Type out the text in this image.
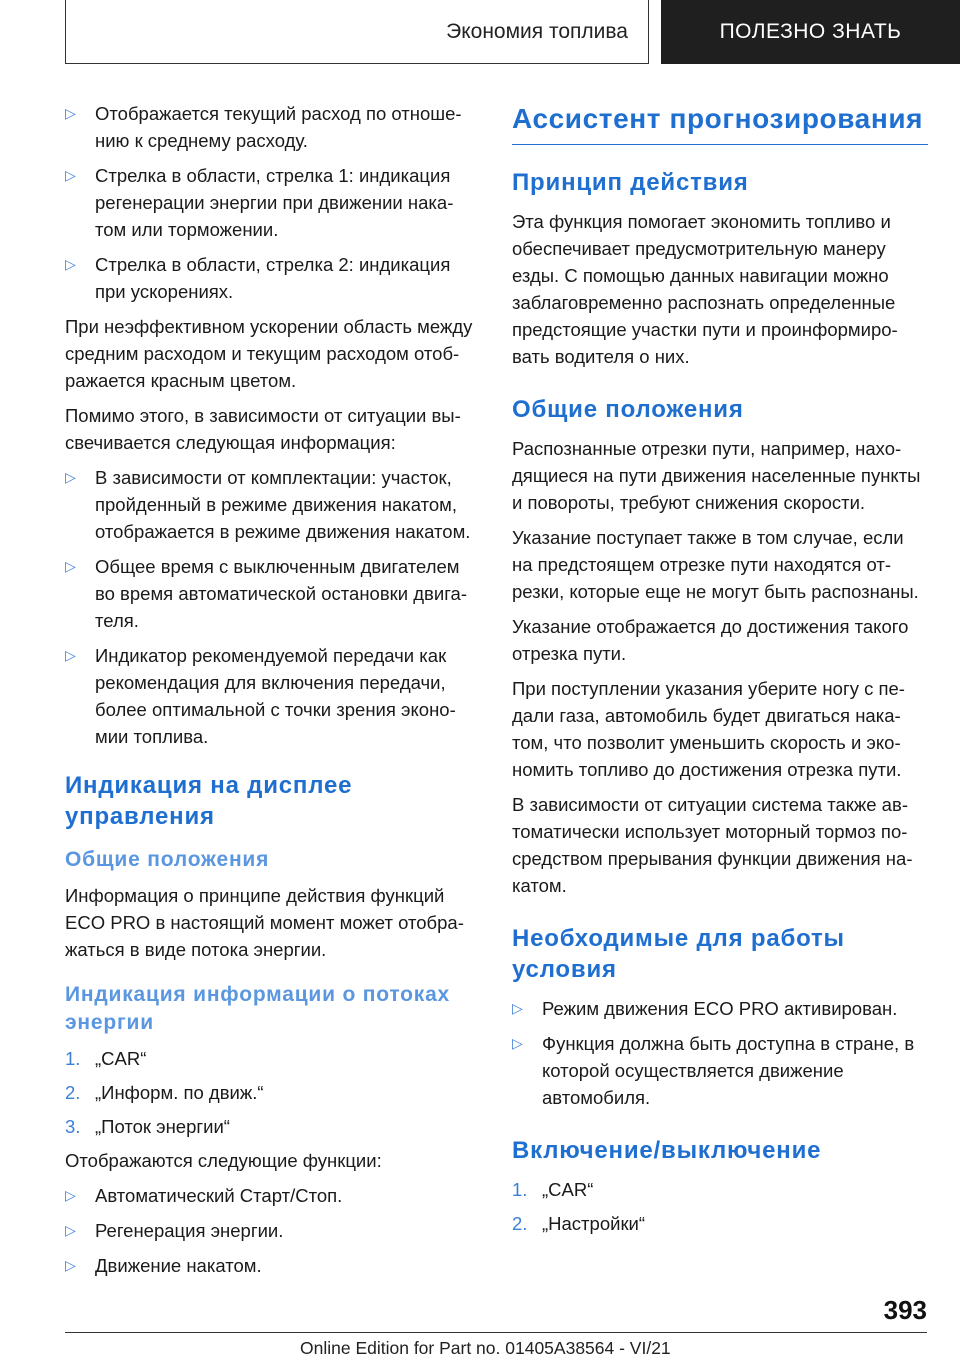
Экономия топлива	ПОЛЕЗНО ЗНАТЬ
▷ Отображается текущий расход по отношению к среднему расходу.
▷ Стрелка в области, стрелка 1: индикация регенерации энергии при движении накатом или торможении.
▷ Стрелка в области, стрелка 2: индикация при ускорениях.

При неэффективном ускорении область между средним расходом и текущим расходом отображается красным цветом.

Помимо этого, в зависимости от ситуации высвечивается следующая информация:

▷ В зависимости от комплектации: участок, пройденный в режиме движения накатом, отображается в режиме движения накатом.
▷ Общее время с выключенным двигателем во время автоматической остановки двигателя.
▷ Индикатор рекомендуемой передачи как рекомендация для включения передачи, более оптимальной с точки зрения экономии топлива.
Индикация на дисплее управления
Общие положения

Информация о принципе действия функций ECO PRO в настоящий момент может отображаться в виде потока энергии.

Индикация информации о потоках энергии
1. „CAR“
2. „Информ. по движ.“
3. „Поток энергии“

Отображаются следующие функции:

▷ Автоматический Старт/Стоп.
▷ Регенерация энергии.
▷ Движение накатом.
Ассистент прогнозирования
Принцип действия

Эта функция помогает экономить топливо и обеспечивает предусмотрительную манеру езды. С помощью данных навигации можно заблаговременно распознать определенные предстоящие участки пути и проинформировать водителя о них.

Общие положения

Распознанные отрезки пути, например, находящиеся на пути движения населенные пункты и повороты, требуют снижения скорости.

Указание поступает также в том случае, если на предстоящем отрезке пути находятся отрезки, которые еще не могут быть распознаны.

Указание отображается до достижения такого отрезка пути.

При поступлении указания уберите ногу с педали газа, автомобиль будет двигаться накатом, что позволит уменьшить скорость и экономить топливо до достижения отрезка пути.

В зависимости от ситуации система также автоматически использует моторный тормоз посредством прерывания функции движения накатом.

Необходимые для работы условия
▷ Режим движения ECO PRO активирован.
▷ Функция должна быть доступна в стране, в которой осуществляется движение автомобиля.
Включение/выключение
1. „CAR“
2. „Настройки“
393
Online Edition for Part no. 01405A38564 - VI/21
